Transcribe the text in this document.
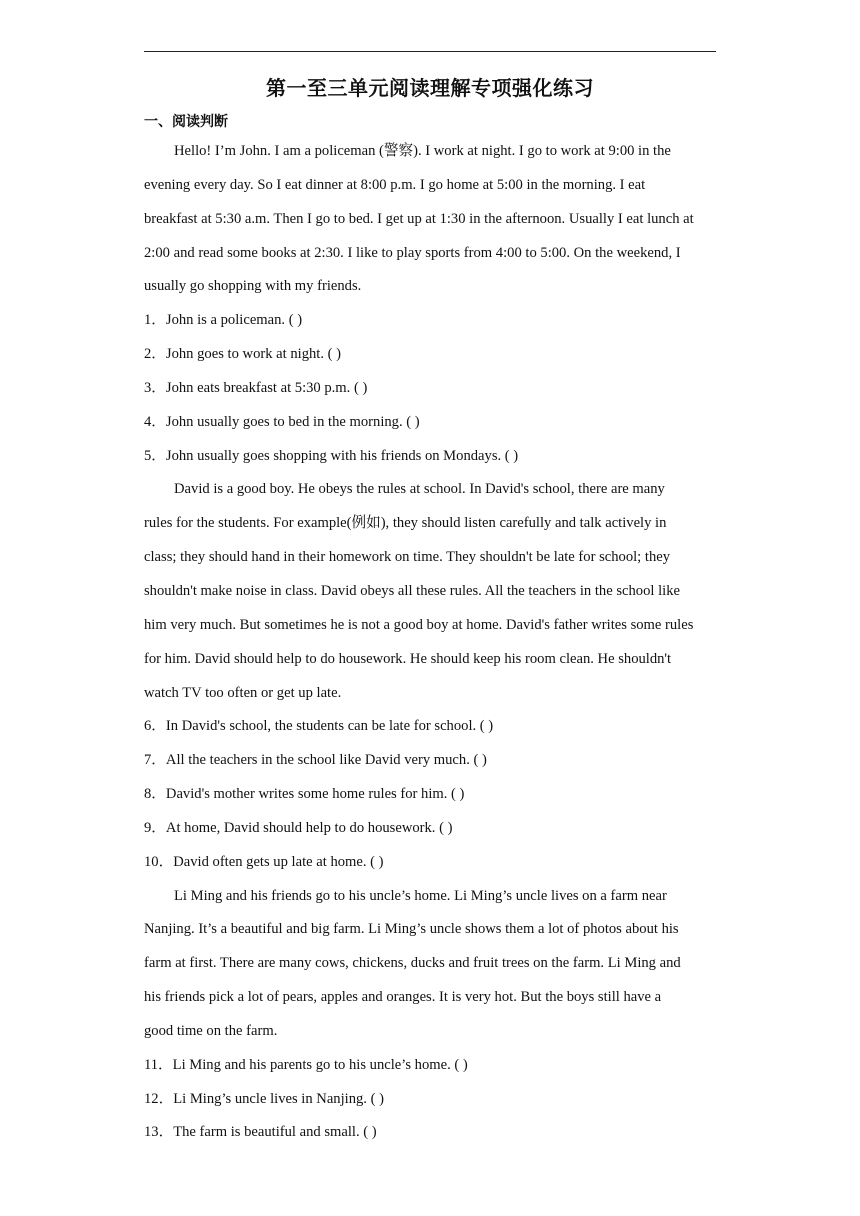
第一至三单元阅读理解专项强化练习
一、阅读判断
Hello! I’m John. I am a policeman (警察). I work at night. I go to work at 9:00 in the
evening every day. So I eat dinner at 8:00 p.m. I go home at 5:00 in the morning. I eat
breakfast at 5:30 a.m. Then I go to bed. I get up at 1:30 in the afternoon. Usually I eat lunch at
2:00 and read some books at 2:30. I like to play sports from 4:00 to 5:00. On the weekend, I
usually go shopping with my friends.
1．John is a policeman. ( )
2．John goes to work at night. ( )
3．John eats breakfast at 5:30 p.m. ( )
4．John usually goes to bed in the morning. ( )
5．John usually goes shopping with his friends on Mondays. ( )
David is a good boy. He obeys the rules at school. In David's school, there are many
rules for the students. For example(例如), they should listen carefully and talk actively in
class; they should hand in their homework on time. They shouldn't be late for school; they
shouldn't make noise in class. David obeys all these rules. All the teachers in the school like
him very much. But sometimes he is not a good boy at home. David's father writes some rules
for him. David should help to do housework. He should keep his room clean. He shouldn't
watch TV too often or get up late.
6．In David's school, the students can be late for school. ( )
7．All the teachers in the school like David very much. ( )
8．David's mother writes some home rules for him. ( )
9．At home, David should help to do housework. ( )
10．David often gets up late at home. ( )
Li Ming and his friends go to his uncle’s home. Li Ming’s uncle lives on a farm near
Nanjing. It’s a beautiful and big farm. Li Ming’s uncle shows them a lot of photos about his
farm at first. There are many cows, chickens, ducks and fruit trees on the farm. Li Ming and
his friends pick a lot of pears, apples and oranges. It is very hot. But the boys still have a
good time on the farm.
11．Li Ming and his parents go to his uncle’s home. ( )
12．Li Ming’s uncle lives in Nanjing. ( )
13．The farm is beautiful and small. ( )
